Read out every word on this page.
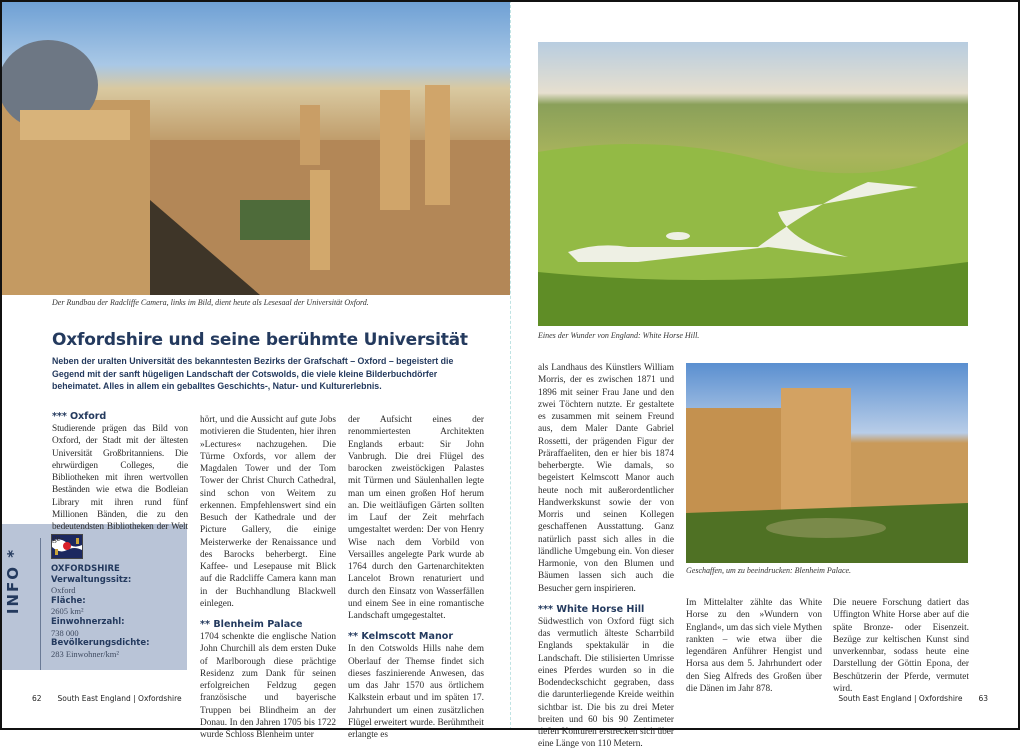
Der Rundbau der Radcliffe Camera, links im Bild, dient heute als Lesesaal der Universität Oxford.
Oxfordshire und seine berühmte Universität
Neben der uralten Universität des bekanntesten Bezirks der Grafschaft – Oxford – begeistert die Gegend mit der sanft hügeligen Landschaft der Cotswolds, die viele kleine Bilderbuchdörfer beheimatet. Alles in allem ein geballtes Geschichts-, Natur- und Kulturerlebnis.
INFO *	OXFORDSHIRE
Verwaltungssitz:
Oxford
Fläche:
2605 km²
Einwohnerzahl:
738 000
Bevölkerungsdichte:
283 Einwohner/km²
*** Oxford

Studierende prägen das Bild von Oxford, der Stadt mit der ältesten Universität Großbritanniens. Die ehrwürdigen Colleges, die Bibliotheken mit ihren wertvollen Beständen wie etwa die Bodleian Library mit ihren rund fünf Millionen Bänden, die zu den bedeutendsten Bibliotheken der Welt ge-

hört, und die Aussicht auf gute Jobs motivieren die Studenten, hier ihren »Lectures« nachzugehen. Die Türme Oxfords, vor allem der Magdalen Tower und der Tom Tower der Christ Church Cathedral, sind schon von Weitem zu erkennen. Empfehlenswert sind ein Besuch der Kathedrale und der Picture Gallery, die einige Meisterwerke der Renaissance und des Barocks beherbergt. Eine Kaffee- und Lesepause mit Blick auf die Radcliffe Camera kann man in der Buchhandlung Blackwell einlegen.

** Blenheim Palace

1704 schenkte die englische Nation John Churchill als dem ersten Duke of Marlborough diese prächtige Residenz zum Dank für seinen erfolgreichen Feldzug gegen französische und bayerische Truppen bei Blindheim an der Donau. In den Jahren 1705 bis 1722 wurde Schloss Blenheim unter

der Aufsicht eines der renommiertesten Architekten Englands erbaut: Sir John Vanbrugh. Die drei Flügel des barocken zweistöckigen Palastes mit Türmen und Säulenhallen legte man um einen großen Hof herum an. Die weitläufigen Gärten sollten im Lauf der Zeit mehrfach umgestaltet werden: Der von Henry Wise nach dem Vorbild von Versailles angelegte Park wurde ab 1764 durch den Gartenarchitekten Lancelot Brown renaturiert und durch den Einsatz von Wasserfällen und einem See in eine romantische Landschaft umgegestaltet.

** Kelmscott Manor

In den Cotswolds Hills nahe dem Oberlauf der Themse findet sich dieses faszinierende Anwesen, das um das Jahr 1570 aus örtlichem Kalkstein erbaut und im späten 17. Jahrhundert um einen zusätzlichen Flügel erweitert wurde. Berühmtheit erlangte es

62 South East England | Oxfordshire
Eines der Wunder von England: White Horse Hill.
Geschaffen, um zu beeindrucken: Blenheim Palace.

als Landhaus des Künstlers William Morris, der es zwischen 1871 und 1896 mit seiner Frau Jane und den zwei Töchtern nutzte. Er gestaltete es zusammen mit seinem Freund aus, dem Maler Dante Gabriel Rossetti, der prägenden Figur der Präraffaeliten, den er hier bis 1874 beherbergte. Wie damals, so begeistert Kelmscott Manor auch heute noch mit außerordentlicher Handwerkskunst sowie der von Morris und seinen Kollegen geschaffenen Ausstattung. Ganz natürlich passt sich alles in die ländliche Umgebung ein. Von dieser Harmonie, von den Blumen und Bäumen lassen sich auch die Besucher gern inspirieren.

*** White Horse Hill

Südwestlich von Oxford fügt sich das vermutlich älteste Scharrbild Englands spektakulär in die Landschaft. Die stilisierten Umrisse eines Pferdes wurden so in die Bodendeckschicht gegraben, dass die darunterliegende Kreide weithin sichtbar ist. Die bis zu drei Meter breiten und 60 bis 90 Zentimeter tiefen Konturen erstrecken sich über eine Länge von 110 Metern.

Im Mittelalter zählte das White Horse zu den »Wundern von England«, um das sich viele Mythen rankten – wie etwa über die legendären Anführer Hengist und Horsa aus dem 5. Jahrhundert oder den Sieg Alfreds des Großen über die Dänen im Jahr 878.

Die neuere Forschung datiert das Uffington White Horse aber auf die späte Bronze- oder Eisenzeit. Bezüge zur keltischen Kunst sind unverkennbar, sodass heute eine Darstellung der Göttin Epona, der Beschützerin der Pferde, vermutet wird.

South East England | Oxfordshire 63
